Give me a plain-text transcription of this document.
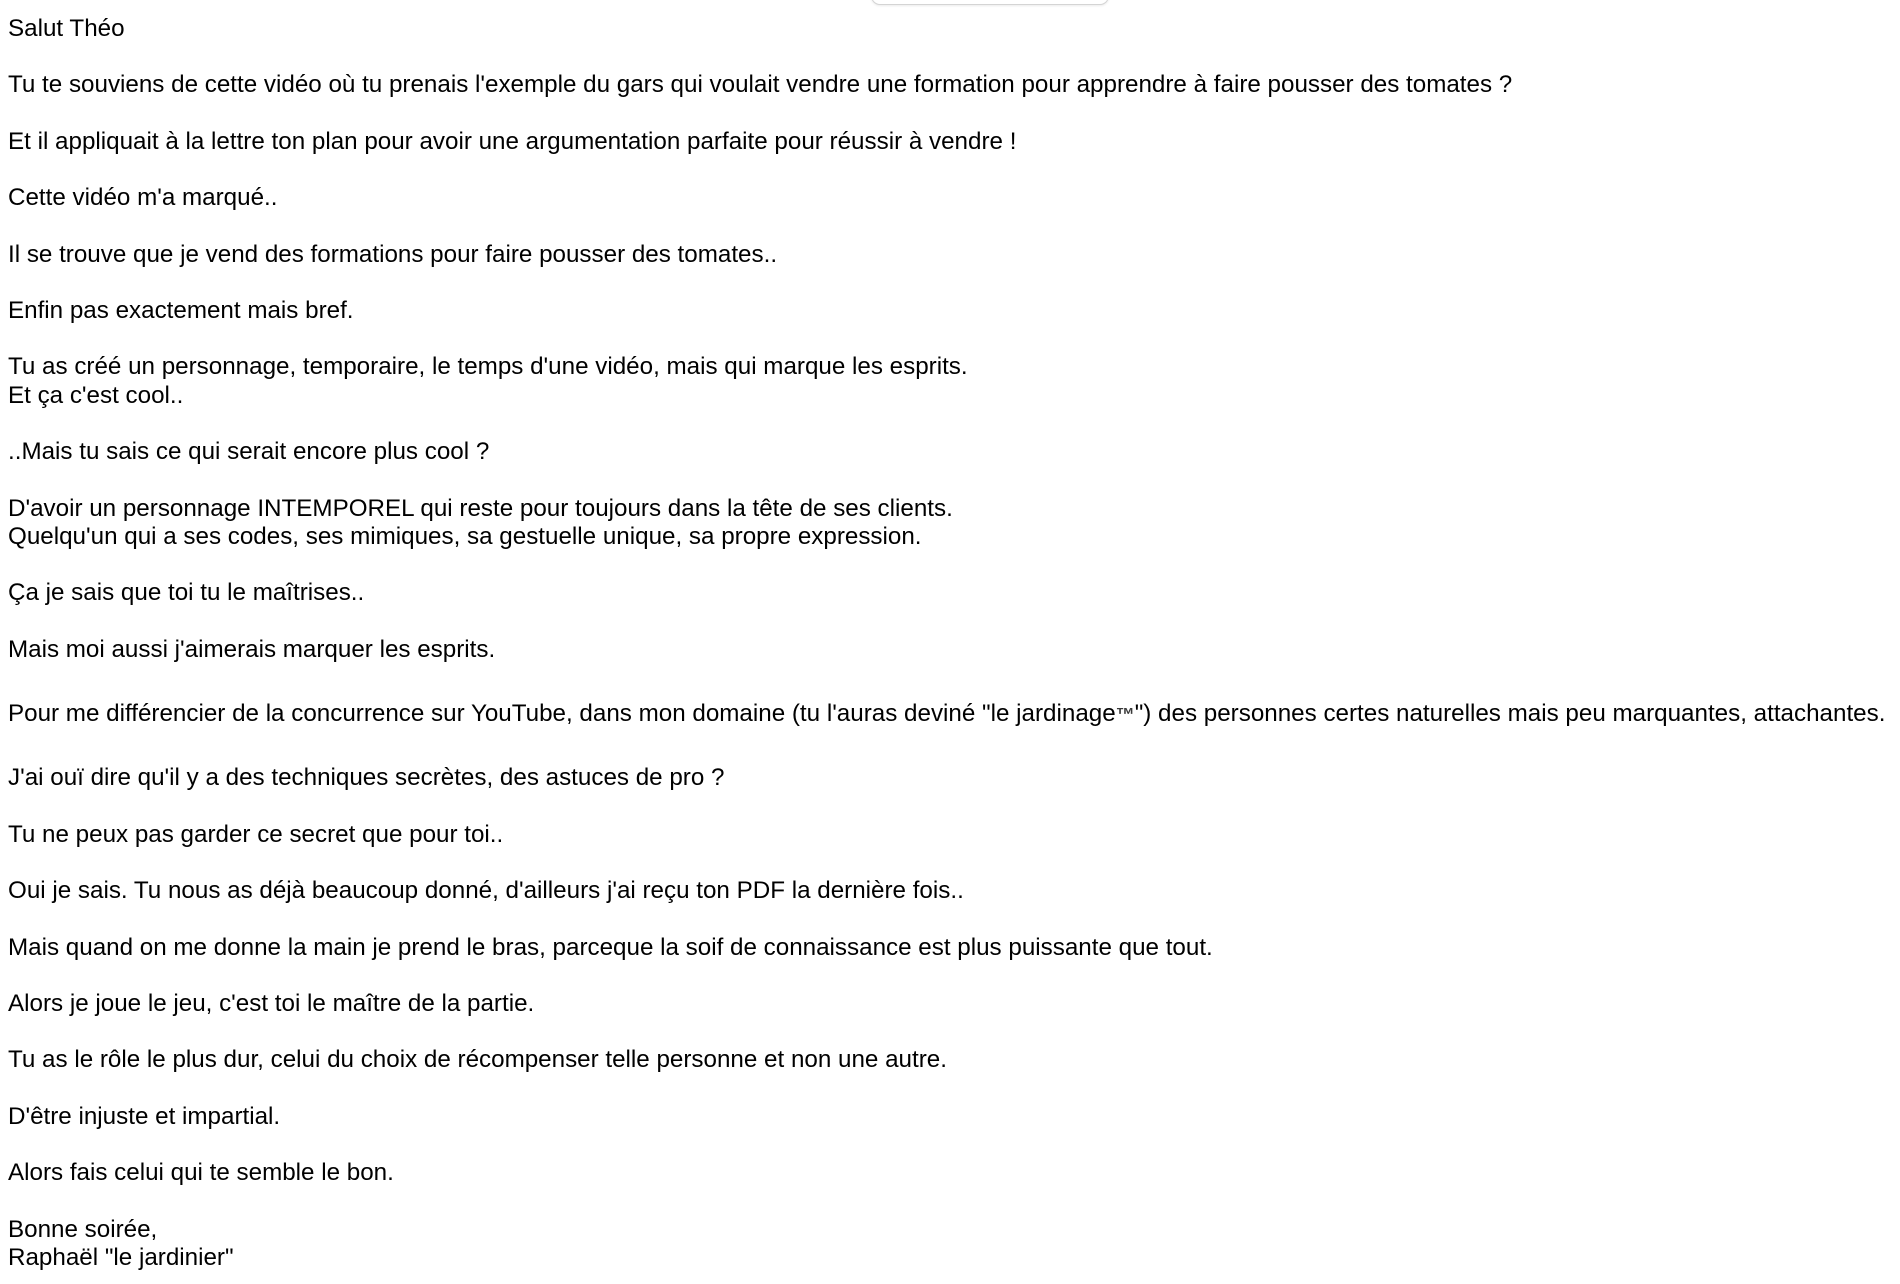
Salut Théo
Tu te souviens de cette vidéo où tu prenais l'exemple du gars qui voulait vendre une formation pour apprendre à faire pousser des tomates ?
Et il appliquait à la lettre ton plan pour avoir une argumentation parfaite pour réussir à vendre !
Cette vidéo m'a marqué..
Il se trouve que je vend des formations pour faire pousser des tomates..
Enfin pas exactement mais bref.
Tu as créé un personnage, temporaire, le temps d'une vidéo, mais qui marque les esprits.
Et ça c'est cool..
..Mais tu sais ce qui serait encore plus cool ?
D'avoir un personnage INTEMPOREL qui reste pour toujours dans la tête de ses clients.
Quelqu'un qui a ses codes, ses mimiques, sa gestuelle unique, sa propre expression.
Ça je sais que toi tu le maîtrises..
Mais moi aussi j'aimerais marquer les esprits.
Pour me différencier de la concurrence sur YouTube, dans mon domaine (tu l'auras deviné "le jardinage™") des personnes certes naturelles mais peu marquantes, attachantes.
J'ai ouï dire qu'il y a des techniques secrètes, des astuces de pro ?
Tu ne peux pas garder ce secret que pour toi..
Oui je sais. Tu nous as déjà beaucoup donné, d'ailleurs j'ai reçu ton PDF la dernière fois..
Mais quand on me donne la main je prend le bras, parceque la soif de connaissance est plus puissante que tout.
Alors je joue le jeu, c'est toi le maître de la partie.
Tu as le rôle le plus dur, celui du choix de récompenser telle personne et non une autre.
D'être injuste et impartial.
Alors fais celui qui te semble le bon.
Bonne soirée,
Raphaël "le jardinier"
